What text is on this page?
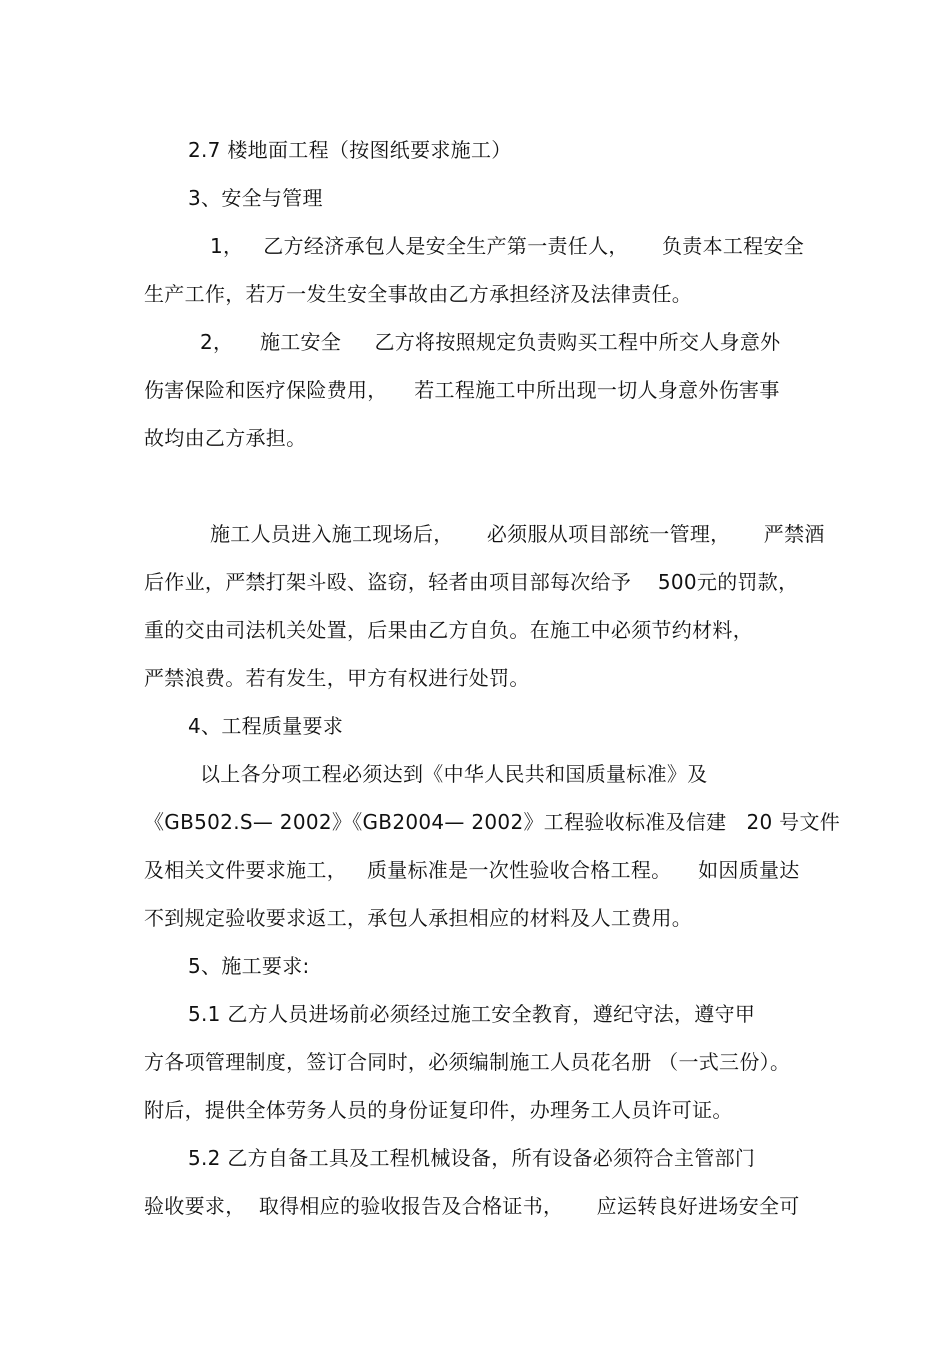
2.7 楼地面工程（按图纸要求施工）
3、安全与管理
1，   乙方经济承包人是安全生产第一责任人，     负责本工程安全
生产工作，若万一发生安全事故由乙方承担经济及法律责任。
2，    施工安全     乙方将按照规定负责购买工程中所交人身意外
伤害保险和医疗保险费用，    若工程施工中所出现一切人身意外伤害事
故均由乙方承担。
施工人员进入施工现场后，     必须服从项目部统一管理，     严禁酒
后作业，严禁打架斗殴、盗窃，轻者由项目部每次给予    500元的罚款，
重的交由司法机关处置，后果由乙方自负。在施工中必须节约材料，
严禁浪费。若有发生，甲方有权进行处罚。
4、工程质量要求
以上各分项工程必须达到《中华人民共和国质量标准》及
《GB502.S— 2002》《GB2004— 2002》工程验收标准及信建   20 号文件
及相关文件要求施工，   质量标准是一次性验收合格工程。    如因质量达
不到规定验收要求返工，承包人承担相应的材料及人工费用。
5、施工要求:
5.1 乙方人员进场前必须经过施工安全教育，遵纪守法，遵守甲
方各项管理制度，签订合同时，必须编制施工人员花名册 （一式三份）。
附后，提供全体劳务人员的身份证复印件，办理务工人员许可证。
5.2 乙方自备工具及工程机械设备，所有设备必须符合主管部门
验收要求，  取得相应的验收报告及合格证书，     应运转良好进场安全可
